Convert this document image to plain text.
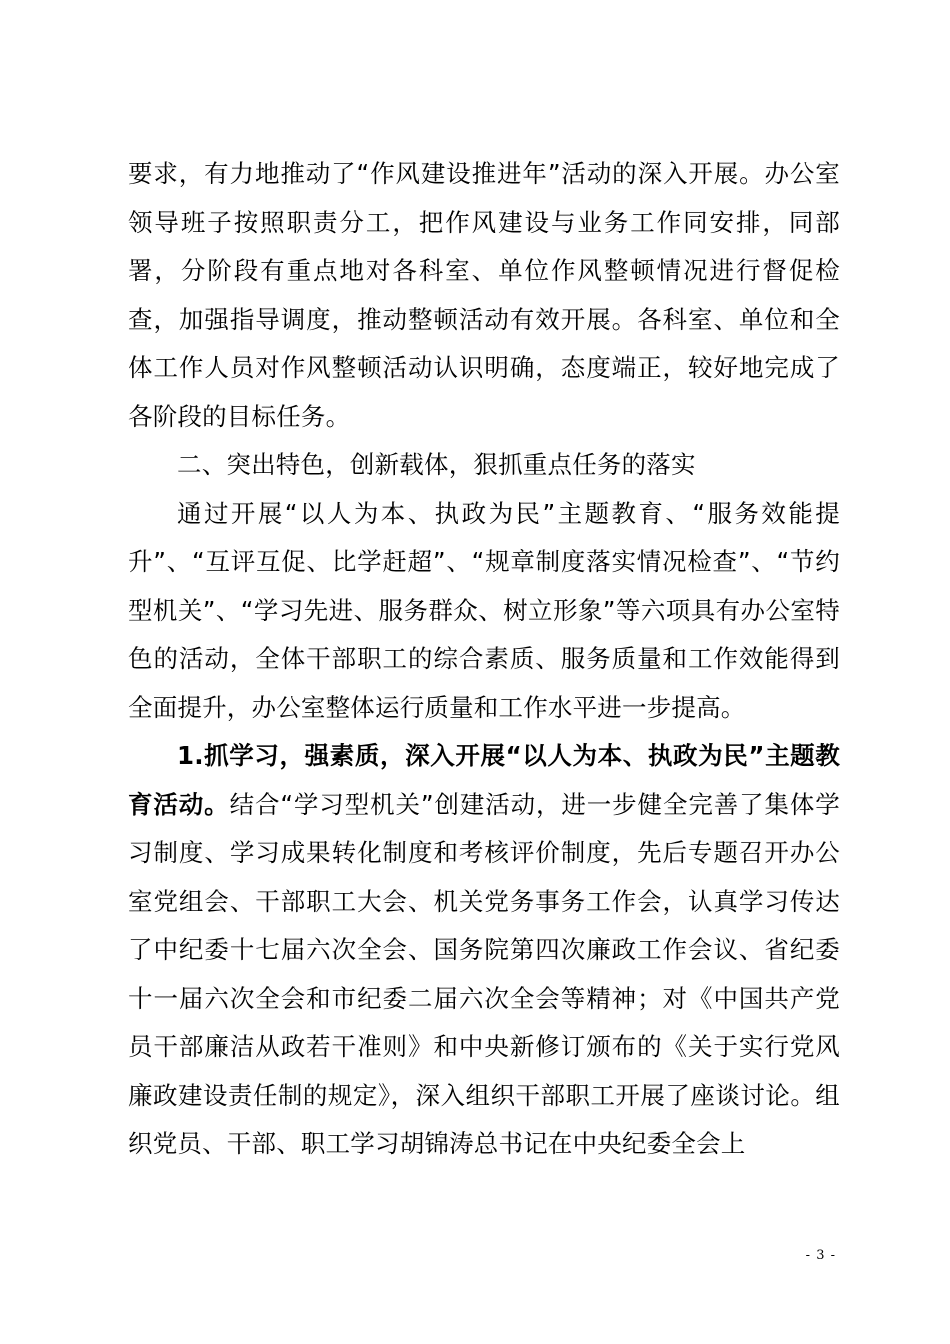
要求，有力地推动了“作风建设推进年”活动的深入开展。办公室领导班子按照职责分工，把作风建设与业务工作同安排，同部署，分阶段有重点地对各科室、单位作风整顿情况进行督促检查，加强指导调度，推动整顿活动有效开展。各科室、单位和全体工作人员对作风整顿活动认识明确，态度端正，较好地完成了各阶段的目标任务。

二、突出特色，创新载体，狠抓重点任务的落实

通过开展“以人为本、执政为民”主题教育、“服务效能提升”、“互评互促、比学赶超”、“规章制度落实情况检查”、“节约型机关”、“学习先进、服务群众、树立形象”等六项具有办公室特色的活动，全体干部职工的综合素质、服务质量和工作效能得到全面提升，办公室整体运行质量和工作水平进一步提高。

1.抓学习，强素质，深入开展“以人为本、执政为民”主题教育活动。结合“学习型机关”创建活动，进一步健全完善了集体学习制度、学习成果转化制度和考核评价制度，先后专题召开办公室党组会、干部职工大会、机关党务事务工作会，认真学习传达了中纪委十七届六次全会、国务院第四次廉政工作会议、省纪委十一届六次全会和市纪委二届六次全会等精神；对《中国共产党员干部廉洁从政若干准则》和中央新修订颁布的《关于实行党风廉政建设责任制的规定》，深入组织干部职工开展了座谈讨论。组织党员、干部、职工学习胡锦涛总书记在中央纪委全会上

- 3 -
